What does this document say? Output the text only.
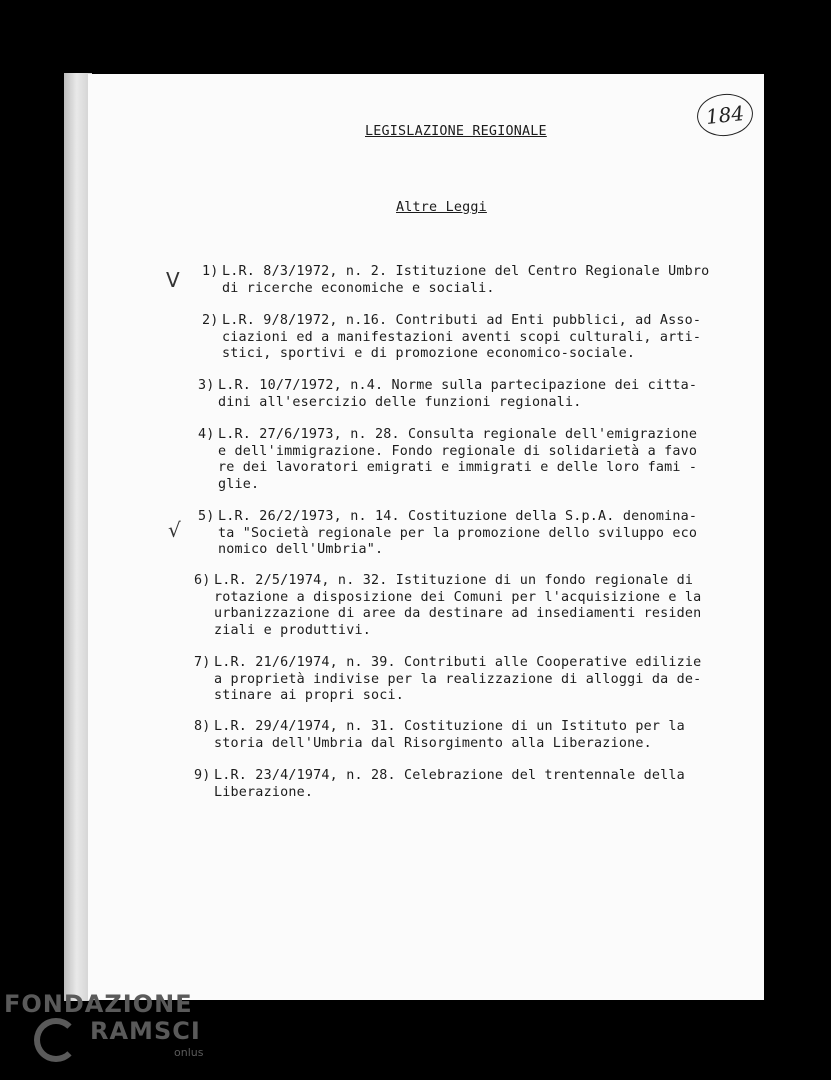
LEGISLAZIONE REGIONALE
Altre Leggi
184
1) L.R. 8/3/1972, n. 2. Istituzione del Centro Regionale Umbro
di ricerche economiche e sociali.
2) L.R. 9/8/1972, n.16. Contributi ad Enti pubblici, ad Asso-
ciazioni ed a manifestazioni aventi scopi culturali, arti-
stici, sportivi e di promozione economico-sociale.
3) L.R. 10/7/1972, n.4. Norme sulla partecipazione dei citta-
dini all'esercizio delle funzioni regionali.
4) L.R. 27/6/1973, n. 28. Consulta regionale dell'emigrazione
e dell'immigrazione. Fondo regionale di solidarietà a favo
re dei lavoratori emigrati e immigrati e delle loro fami -
glie.
5) L.R. 26/2/1973, n. 14. Costituzione della S.p.A. denomina-
ta "Società regionale per la promozione dello sviluppo eco
nomico dell'Umbria".
6) L.R. 2/5/1974, n. 32. Istituzione di un fondo regionale di
rotazione a disposizione dei Comuni per l'acquisizione e la
urbanizzazione di aree da destinare ad insediamenti residen
ziali e produttivi.
7) L.R. 21/6/1974, n. 39. Contributi alle Cooperative edilizie
a proprietà indivise per la realizzazione di alloggi da de-
stinare ai propri soci.
8) L.R. 29/4/1974, n. 31. Costituzione di un Istituto per la
storia dell'Umbria dal Risorgimento alla Liberazione.
9) L.R. 23/4/1974, n. 28. Celebrazione del trentennale della
Liberazione.
V
√
FONDAZIONE
RAMSCI
onlus
